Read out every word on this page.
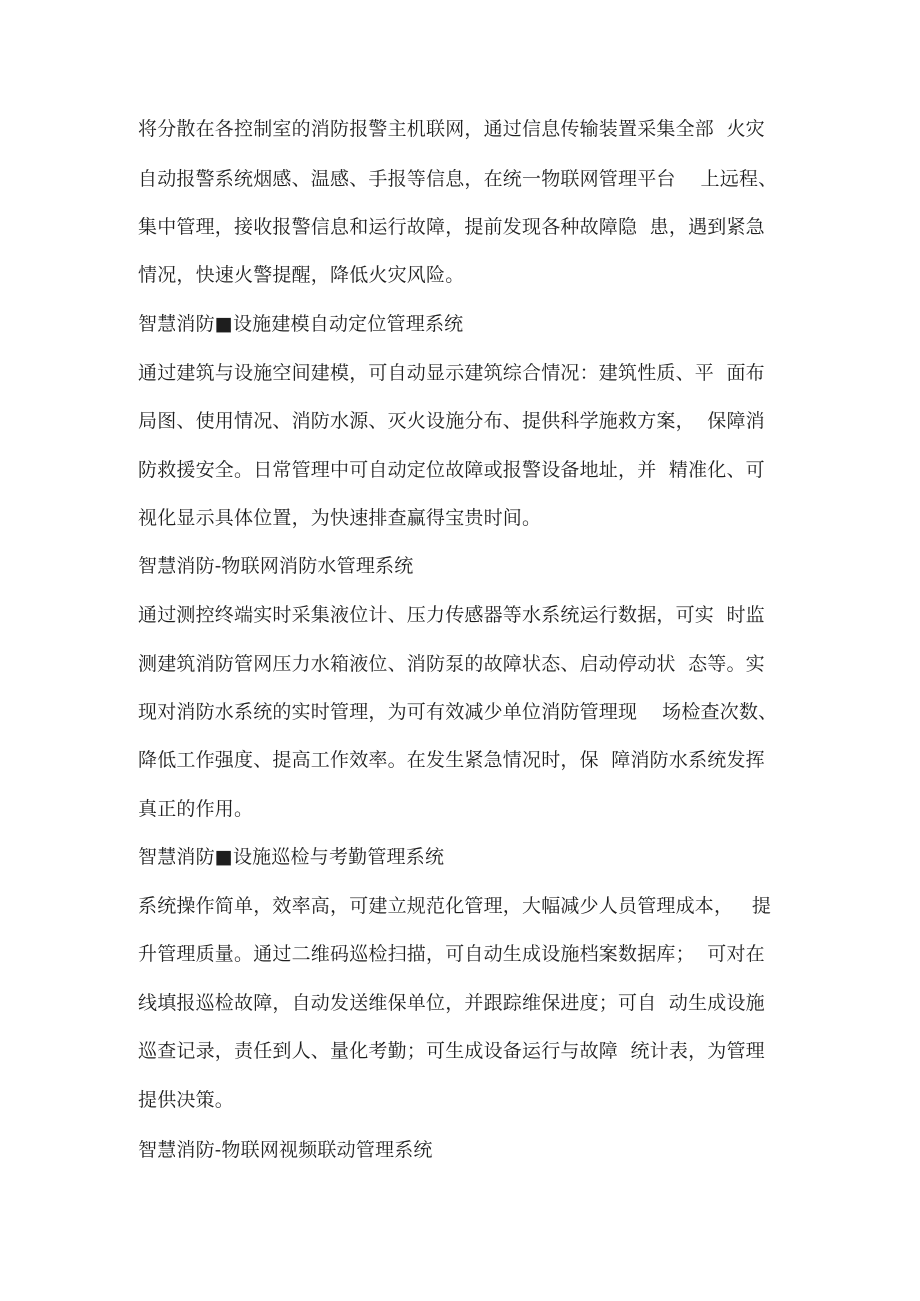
将分散在各控制室的消防报警主机联网，通过信息传输装置采集全部  火灾
自动报警系统烟感、温感、手报等信息，在统一物联网管理平台    上远程、
集中管理，接收报警信息和运行故障，提前发现各种故障隐  患，遇到紧急
情况，快速火警提醒，降低火灾风险。
智慧消防■设施建模自动定位管理系统
通过建筑与设施空间建模，可自动显示建筑综合情况：建筑性质、平  面布
局图、使用情况、消防水源、灭火设施分布、提供科学施救方案，  保障消
防救援安全。日常管理中可自动定位故障或报警设备地址，并  精准化、可
视化显示具体位置，为快速排查赢得宝贵时间。
智慧消防-物联网消防水管理系统
通过测控终端实时采集液位计、压力传感器等水系统运行数据，可实  时监
测建筑消防管网压力水箱液位、消防泵的故障状态、启动停动状  态等。实
现对消防水系统的实时管理，为可有效减少单位消防管理现    场检查次数、
降低工作强度、提高工作效率。在发生紧急情况时，保  障消防水系统发挥
真正的作用。
智慧消防■设施巡检与考勤管理系统
系统操作简单，效率高，可建立规范化管理，大幅减少人员管理成本，   提
升管理质量。通过二维码巡检扫描，可自动生成设施档案数据库；  可对在
线填报巡检故障，自动发送维保单位，并跟踪维保进度；可自  动生成设施
巡查记录，责任到人、量化考勤；可生成设备运行与故障  统计表，为管理
提供决策。
智慧消防-物联网视频联动管理系统
